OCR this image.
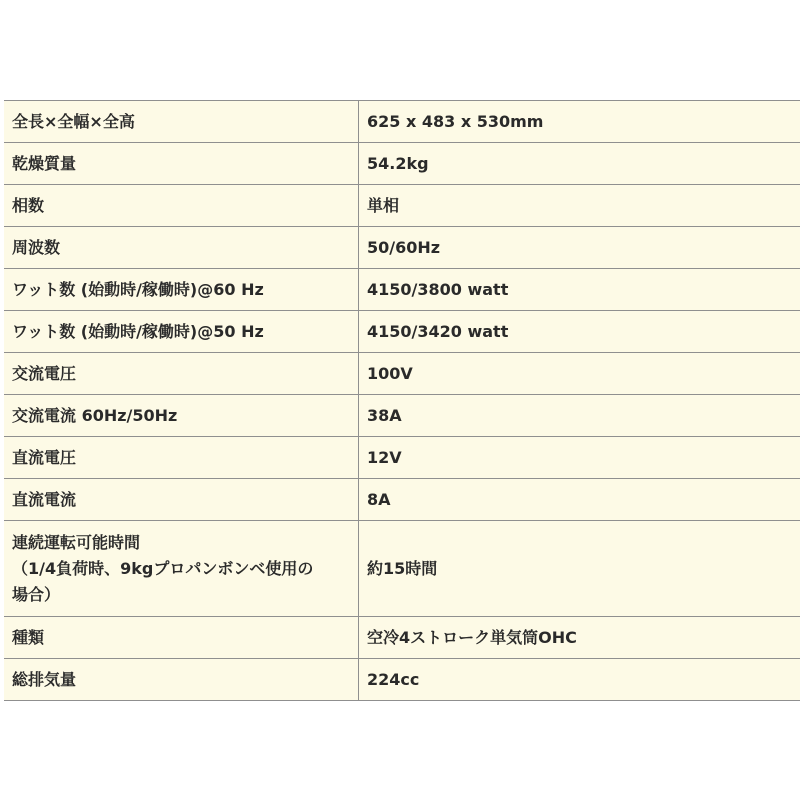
全長×全幅×全高	625 x 483 x 530mm
乾燥質量	54.2kg
相数	単相
周波数	50/60Hz
ワット数 (始動時/稼働時)@60 Hz	4150/3800 watt
ワット数 (始動時/稼働時)@50 Hz	4150/3420 watt
交流電圧	100V
交流電流 60Hz/50Hz	38A
直流電圧	12V
直流電流	8A

連続運転可能時間
（1/4負荷時、9kgプロパンボンベ使用の
場合）	約15時間
種類	空冷4ストローク単気筒OHC
総排気量	224cc
